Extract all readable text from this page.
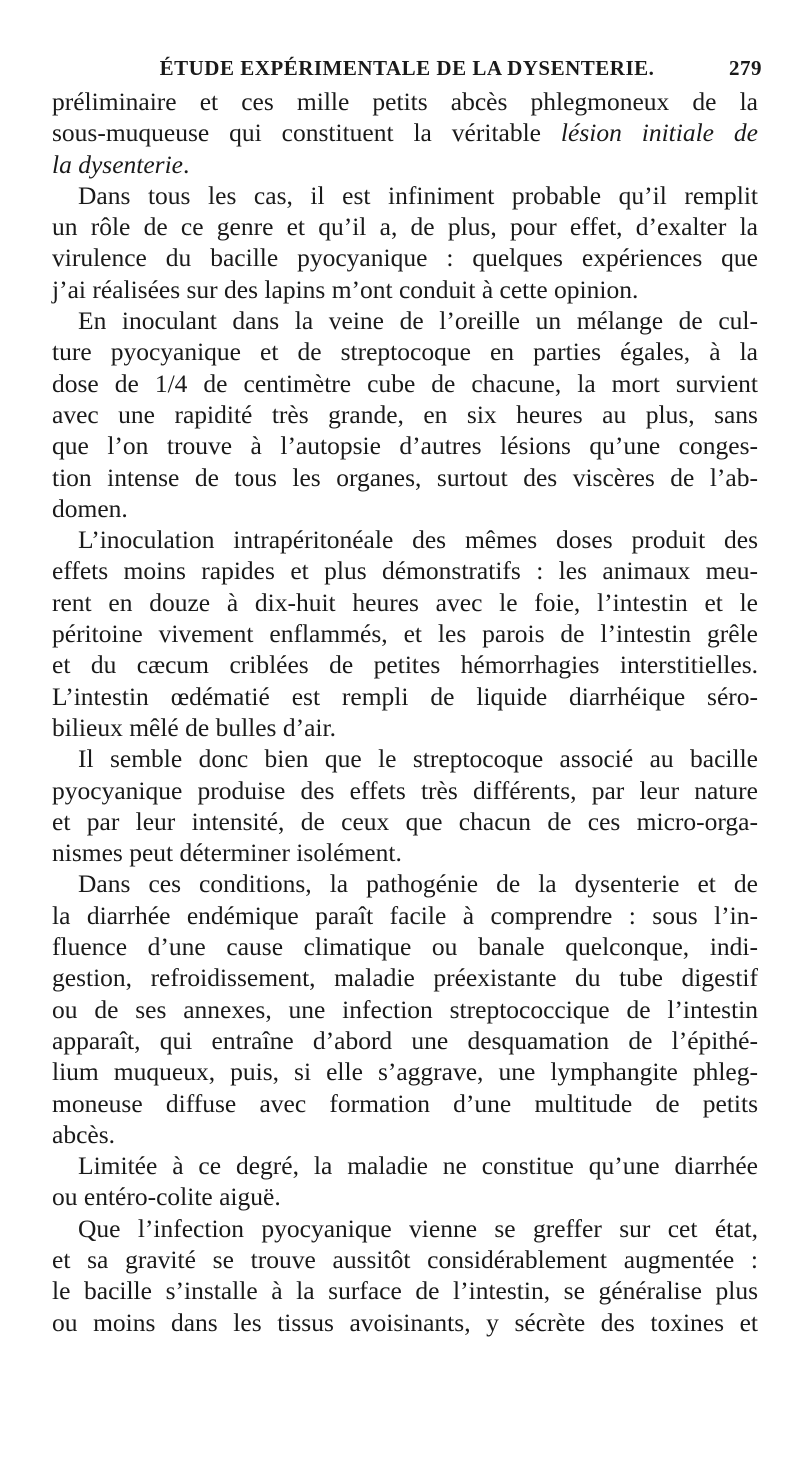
ÉTUDE EXPÉRIMENTALE DE LA DYSENTERIE.	279
préliminaire et ces mille petits abcès phlegmoneux de la
sous-muqueuse qui constituent la véritable lésion initiale de
la dysenterie.
Dans tous les cas, il est infiniment probable qu’il remplit
un rôle de ce genre et qu’il a, de plus, pour effet, d’exalter la
virulence du bacille pyocyanique : quelques expériences que
j’ai réalisées sur des lapins m’ont conduit à cette opinion.
En inoculant dans la veine de l’oreille un mélange de cul-
ture pyocyanique et de streptocoque en parties égales, à la
dose de 1/4 de centimètre cube de chacune, la mort survient
avec une rapidité très grande, en six heures au plus, sans
que l’on trouve à l’autopsie d’autres lésions qu’une conges-
tion intense de tous les organes, surtout des viscères de l’ab-
domen.
L’inoculation intrapéritonéale des mêmes doses produit des
effets moins rapides et plus démonstratifs : les animaux meu-
rent en douze à dix-huit heures avec le foie, l’intestin et le
péritoine vivement enflammés, et les parois de l’intestin grêle
et du cæcum criblées de petites hémorrhagies interstitielles.
L’intestin œdématié est rempli de liquide diarrhéique séro-
bilieux mêlé de bulles d’air.
Il semble donc bien que le streptocoque associé au bacille
pyocyanique produise des effets très différents, par leur nature
et par leur intensité, de ceux que chacun de ces micro-orga-
nismes peut déterminer isolément.
Dans ces conditions, la pathogénie de la dysenterie et de
la diarrhée endémique paraît facile à comprendre : sous l’in-
fluence d’une cause climatique ou banale quelconque, indi-
gestion, refroidissement, maladie préexistante du tube digestif
ou de ses annexes, une infection streptococcique de l’intestin
apparaît, qui entraîne d’abord une desquamation de l’épithé-
lium muqueux, puis, si elle s’aggrave, une lymphangite phleg-
moneuse diffuse avec formation d’une multitude de petits
abcès.
Limitée à ce degré, la maladie ne constitue qu’une diarrhée
ou entéro-colite aiguë.
Que l’infection pyocyanique vienne se greffer sur cet état,
et sa gravité se trouve aussitôt considérablement augmentée :
le bacille s’installe à la surface de l’intestin, se généralise plus
ou moins dans les tissus avoisinants, y sécrète des toxines et
